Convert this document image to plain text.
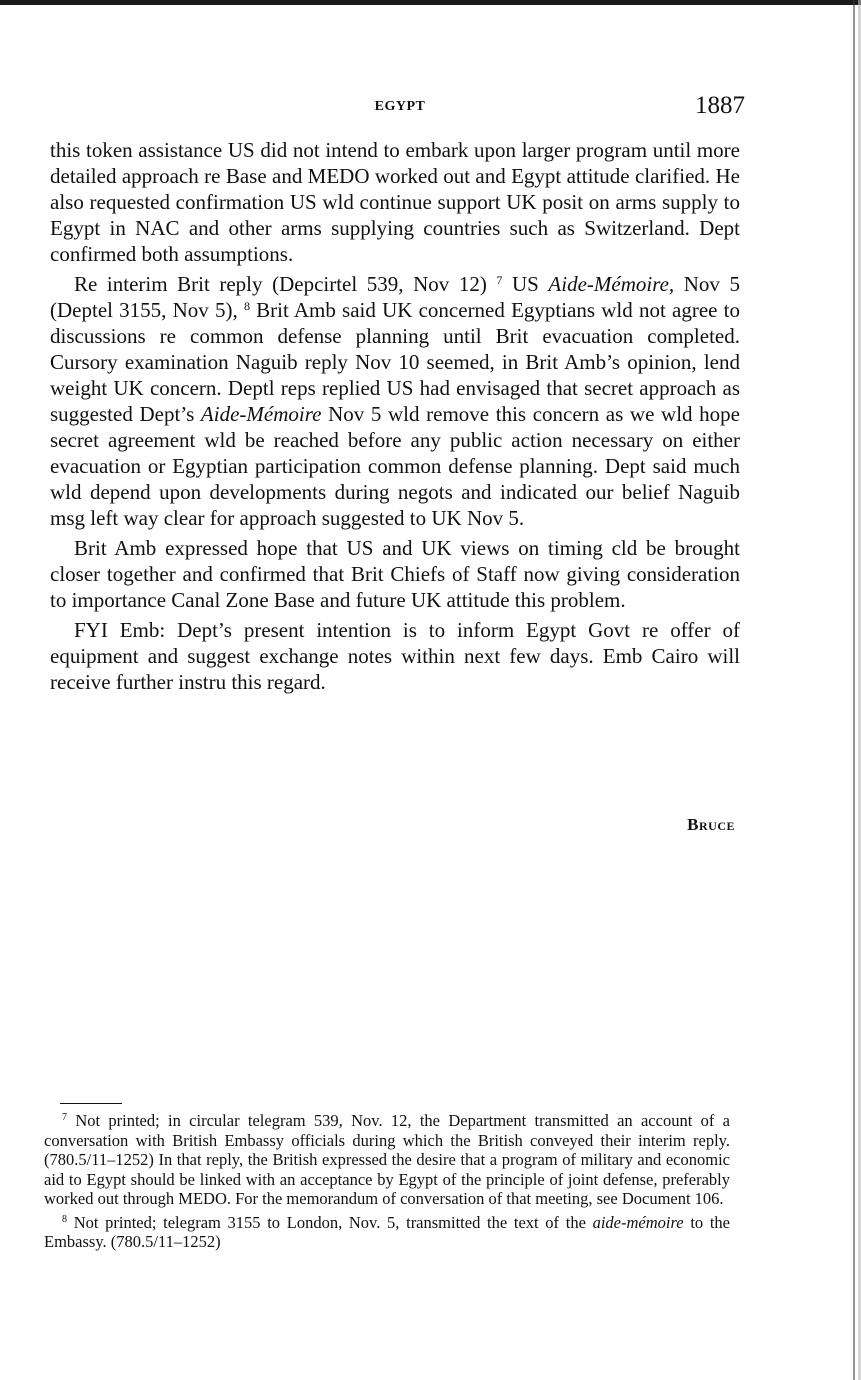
EGYPT	1887

this token assistance US did not intend to embark upon larger program until more detailed approach re Base and MEDO worked out and Egypt attitude clarified. He also requested confirmation US wld continue support UK posit on arms supply to Egypt in NAC and other arms supplying countries such as Switzerland. Dept confirmed both assumptions.

Re interim Brit reply (Depcirtel 539, Nov 12) $^7$ US Aide-Mémoire, Nov 5 (Deptel 3155, Nov 5), $^8$ Brit Amb said UK concerned Egyptians wld not agree to discussions re common defense planning until Brit evacuation completed. Cursory examination Naguib reply Nov 10 seemed, in Brit Amb’s opinion, lend weight UK concern. Deptl reps replied US had envisaged that secret approach as suggested Dept’s Aide-Mémoire Nov 5 wld remove this concern as we wld hope secret agreement wld be reached before any public action necessary on either evacuation or Egyptian participation common defense planning. Dept said much wld depend upon developments during negots and indicated our belief Naguib msg left way clear for approach suggested to UK Nov 5.

Brit Amb expressed hope that US and UK views on timing cld be brought closer together and confirmed that Brit Chiefs of Staff now giving consideration to importance Canal Zone Base and future UK attitude this problem.

FYI Emb: Dept’s present intention is to inform Egypt Govt re offer of equipment and suggest exchange notes within next few days. Emb Cairo will receive further instru this regard.

Bruce

$^7$ Not printed; in circular telegram 539, Nov. 12, the Department transmitted an account of a conversation with British Embassy officials during which the British conveyed their interim reply. (780.5/11–1252) In that reply, the British expressed the desire that a program of military and economic aid to Egypt should be linked with an acceptance by Egypt of the principle of joint defense, preferably worked out through MEDO. For the memorandum of conversation of that meeting, see Document 106.

$^8$ Not printed; telegram 3155 to London, Nov. 5, transmitted the text of the aide-mémoire to the Embassy. (780.5/11–1252)
